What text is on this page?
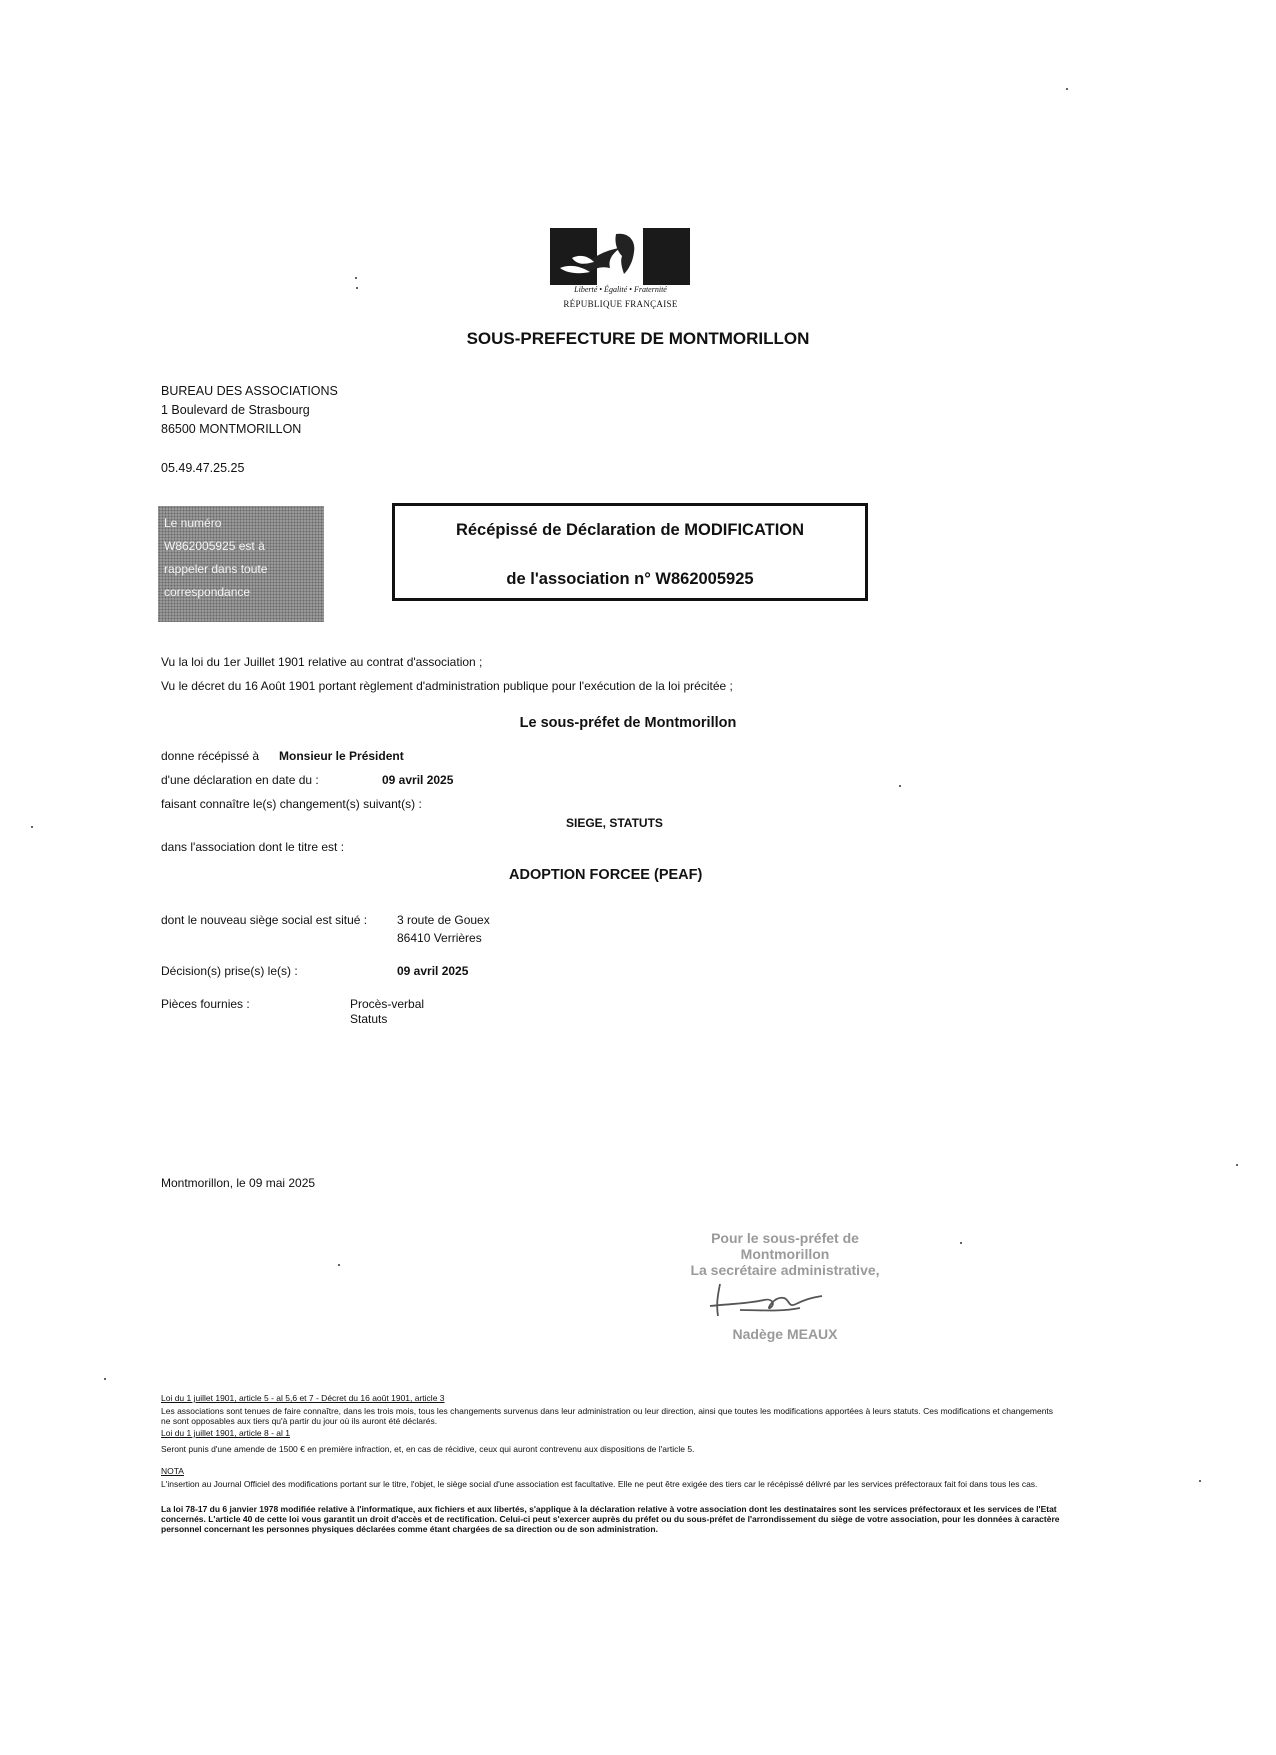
Liberté • Égalité • Fraternité
RÉPUBLIQUE FRANÇAISE
SOUS-PREFECTURE DE MONTMORILLON
BUREAU DES ASSOCIATIONS
1 Boulevard de Strasbourg
86500 MONTMORILLON
05.49.47.25.25
Le numéro
W862005925 est à
rappeler dans toute
correspondance
Récépissé de Déclaration de MODIFICATION
de l'association n° W862005925
Vu la loi du 1er Juillet 1901 relative au contrat d'association ;
Vu le décret du 16 Août 1901 portant règlement d'administration publique pour l'exécution de la loi précitée ;
Le sous-préfet de Montmorillon
donne récépissé à Monsieur le Président
d'une déclaration en date du :	09 avril 2025
faisant connaître le(s) changement(s) suivant(s) :
SIEGE, STATUTS
dans l'association dont le titre est :
ADOPTION FORCEE (PEAF)
dont le nouveau siège social est situé : 3 route de Gouex
86410 Verrières
Décision(s) prise(s) le(s) :	09 avril 2025
Pièces fournies :	Procès-verbal
Statuts
Montmorillon, le 09 mai 2025
Pour le sous-préfet de
Montmorillon
La secrétaire administrative,
Nadège MEAUX
Loi du 1 juillet 1901, article 5 - al 5,6 et 7 - Décret du 16 août 1901, article 3
Les associations sont tenues de faire connaître, dans les trois mois, tous les changements survenus dans leur administration ou leur direction, ainsi que toutes les modifications apportées à leurs statuts. Ces modifications et changements ne sont opposables aux tiers qu'à partir du jour où ils auront été déclarés.
Loi du 1 juillet 1901, article 8 - al 1
Seront punis d'une amende de 1500 € en première infraction, et, en cas de récidive, ceux qui auront contrevenu aux dispositions de l'article 5.
NOTA
L'insertion au Journal Officiel des modifications portant sur le titre, l'objet, le siège social d'une association est facultative. Elle ne peut être exigée des tiers car le récépissé délivré par les services préfectoraux fait foi dans tous les cas.
La loi 78-17 du 6 janvier 1978 modifiée relative à l'informatique, aux fichiers et aux libertés, s'applique à la déclaration relative à votre association dont les destinataires sont les services préfectoraux et les services de l'Etat concernés. L'article 40 de cette loi vous garantit un droit d'accès et de rectification. Celui-ci peut s'exercer auprès du préfet ou du sous-préfet de l'arrondissement du siège de votre association, pour les données à caractère personnel concernant les personnes physiques déclarées comme étant chargées de sa direction ou de son administration.
